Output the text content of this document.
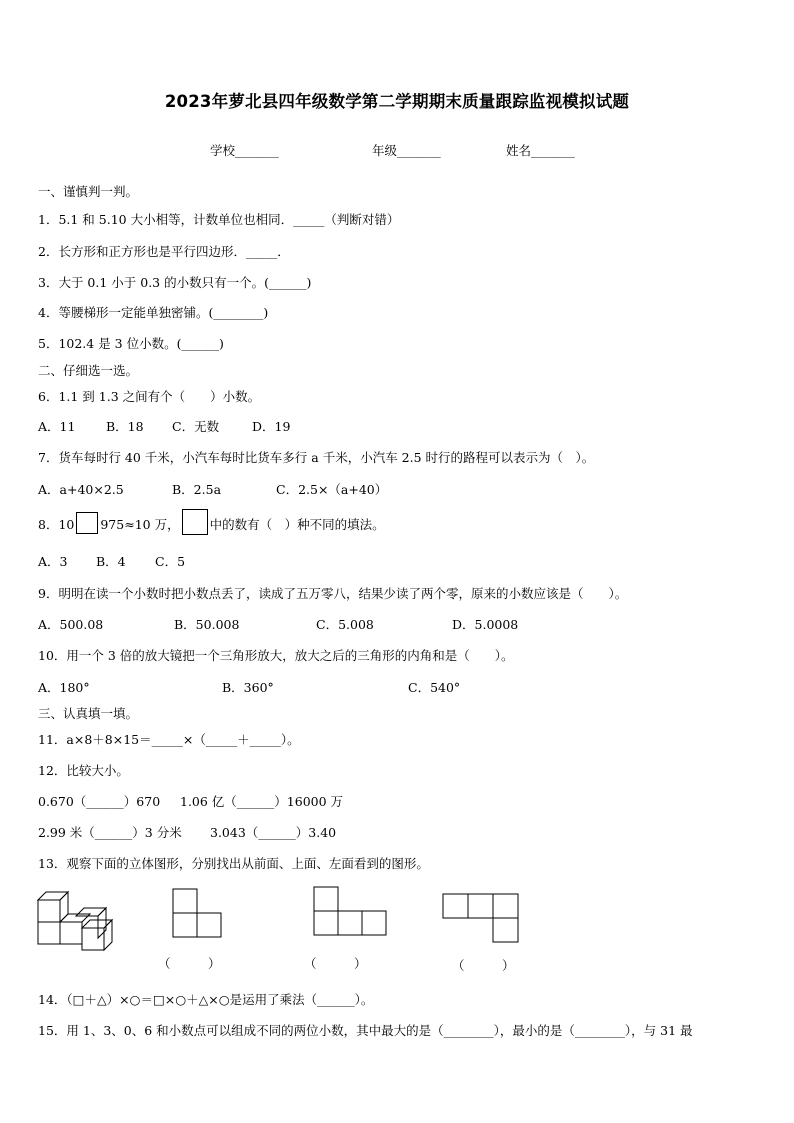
2023年萝北县四年级数学第二学期期末质量跟踪监视模拟试题
学校_______	年级_______	姓名_______
一、谨慎判一判。
1．5.1 和 5.10 大小相等，计数单位也相同．_____（判断对错）
2．长方形和正方形也是平行四边形．_____．
3．大于 0.1 小于 0.3 的小数只有一个。(______)
4．等腰梯形一定能单独密铺。(________)
5．102.4 是 3 位小数。(______)
二、仔细选一选。
6．1.1 到 1.3 之间有个（　　）小数。
A．11 B．18 C．无数	D．19
7．货车每时行 40 千米，小汽车每时比货车多行 a 千米，小汽车 2.5 时行的路程可以表示为（　）。
A．a+40×2.5	B．2.5a	C．2.5×（a+40）
8．10 975≈10 万， 中的数有（　）种不同的填法。
A．3 B．4 C．5
9．明明在读一个小数时把小数点丢了，读成了五万零八，结果少读了两个零，原来的小数应该是（　　）。
A．500.08	B．50.008	C．5.008	D．5.0008
10．用一个 3 倍的放大镜把一个三角形放大，放大之后的三角形的内角和是（　　）。
A．180°	B．360°	C．540°
三、认真填一填。
11．a×8＋8×15＝_____×（_____＋_____）。
12．比较大小。
0.670（______）670 1.06 亿（______）16000 万
2.99 米（______）3 分米 3.043（______）3.40
13．观察下面的立体图形，分别找出从前面、上面、左面看到的图形。
（　　　）	（　　　）	（　　　）
14．（□＋△）×○＝□×○＋△×○是运用了乘法（______）。
15．用 1、3、0、6 和小数点可以组成不同的两位小数，其中最大的是（________），最小的是（________），与 31 最
